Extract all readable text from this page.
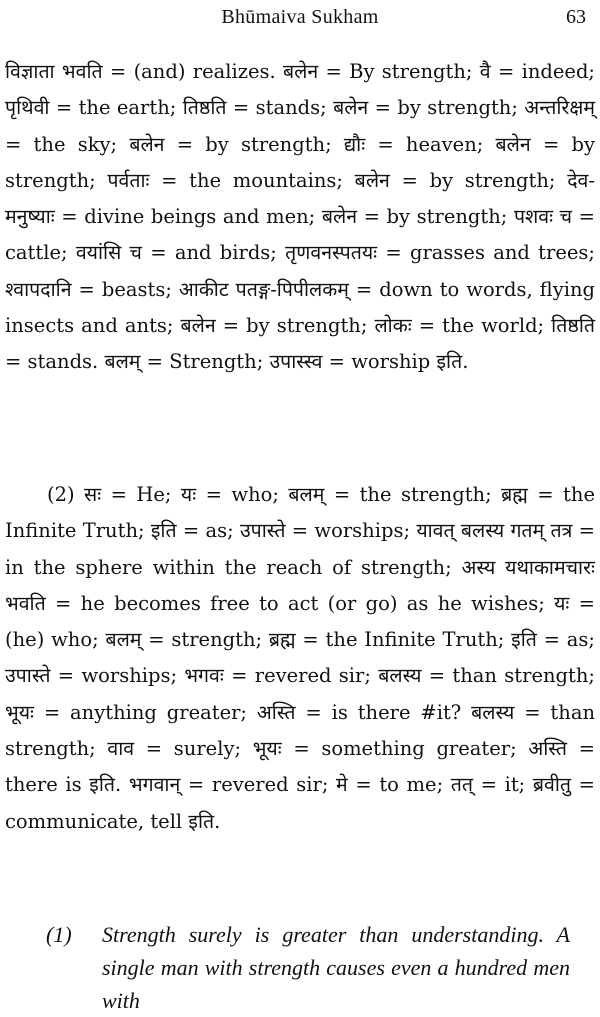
Bhūmaiva Sukham	63
विज्ञाता भवति = (and) realizes. बलेन = By strength; वै = indeed; पृथिवी = the earth; तिष्ठति = stands; बलेन = by strength; अन्तरिक्षम् = the sky; बलेन = by strength; द्यौः = heaven; बलेन = by strength; पर्वताः = the mountains; बलेन = by strength; देव-मनुष्याः = divine beings and men; बलेन = by strength; पशवः च = cattle; वयांसि च = and birds; तृणवनस्पतयः = grasses and trees; श्वापदानि = beasts; आकीट पतङ्ग-पिपीलकम् = down to words, flying insects and ants; बलेन = by strength; लोकः = the world; तिष्ठति = stands. बलम् = Strength; उपास्स्व = worship इति.
(2) सः = He; यः = who; बलम् = the strength; ब्रह्म = the Infinite Truth; इति = as; उपास्ते = worships; यावत् बलस्य गतम् तत्र = in the sphere within the reach of strength; अस्य यथाकामचारः भवति = he becomes free to act (or go) as he wishes; यः = (he) who; बलम् = strength; ब्रह्म = the Infinite Truth; इति = as; उपास्ते = worships; भगवः = revered sir; बलस्य = than strength; भूयः = anything greater; अस्ति = is there #it? बलस्य = than strength; वाव = surely; भूयः = something greater; अस्ति = there is इति. भगवान् = revered sir; मे = to me; तत् = it; ब्रवीतु = communicate, tell इति.
(1) Strength surely is greater than understanding. A single man with strength causes even a hundred men with
